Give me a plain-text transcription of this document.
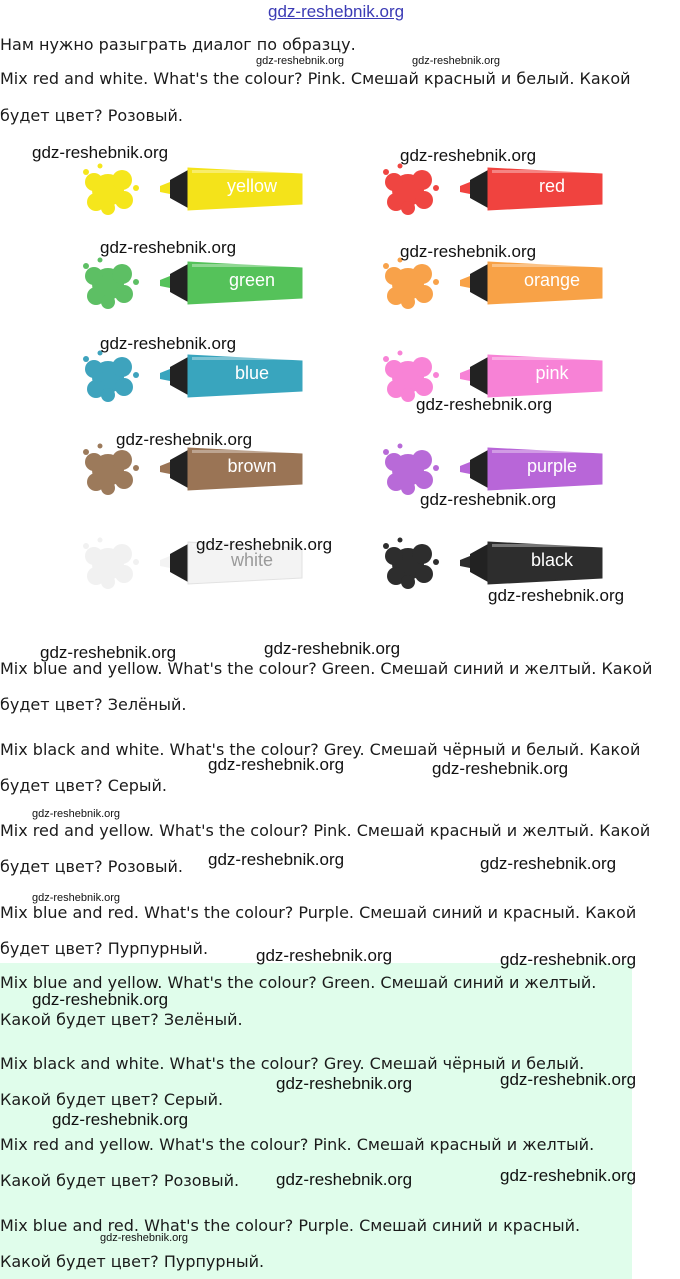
gdz-reshebnik.org

Нам нужно разыграть диалог по образцу.

Mix red and white. What's the colour? Pink. Смешай красный и белый. Какой

будет цвет? Розовый.

yellow	red
green	orange
blue	pink
brown	purple
white	black

Mix blue and yellow. What's the colour? Green. Смешай синий и желтый. Какой

будет цвет? Зелёный.

Mix black and white. What's the colour? Grey. Смешай чёрный и белый. Какой

будет цвет? Серый.

Mix red and yellow. What's the colour? Pink. Смешай красный и желтый. Какой

будет цвет? Розовый.

Mix blue and red. What's the colour? Purple. Смешай синий и красный. Какой

будет цвет? Пурпурный.

Mix blue and yellow. What's the colour? Green. Смешай синий и желтый.

Какой будет цвет? Зелёный.

Mix black and white. What's the colour? Grey. Смешай чёрный и белый.

Какой будет цвет? Серый.

Mix red and yellow. What's the colour? Pink. Смешай красный и желтый.

Какой будет цвет? Розовый.

Mix blue and red. What's the colour? Purple. Смешай синий и красный.

Какой будет цвет? Пурпурный.

gdz-reshebnik.org	gdz-reshebnik.org
gdz-reshebnik.org	gdz-reshebnik.org
gdz-reshebnik.org	gdz-reshebnik.org
gdz-reshebnik.org
gdz-reshebnik.org
gdz-reshebnik.org
gdz-reshebnik.org
gdz-reshebnik.org
gdz-reshebnik.org
gdz-reshebnik.org	gdz-reshebnik.org
gdz-reshebnik.org	gdz-reshebnik.org
gdz-reshebnik.org
gdz-reshebnik.org	gdz-reshebnik.org
gdz-reshebnik.org
gdz-reshebnik.org	gdz-reshebnik.org
gdz-reshebnik.org
gdz-reshebnik.org	gdz-reshebnik.org
gdz-reshebnik.org
gdz-reshebnik.org	gdz-reshebnik.org
gdz-reshebnik.org
